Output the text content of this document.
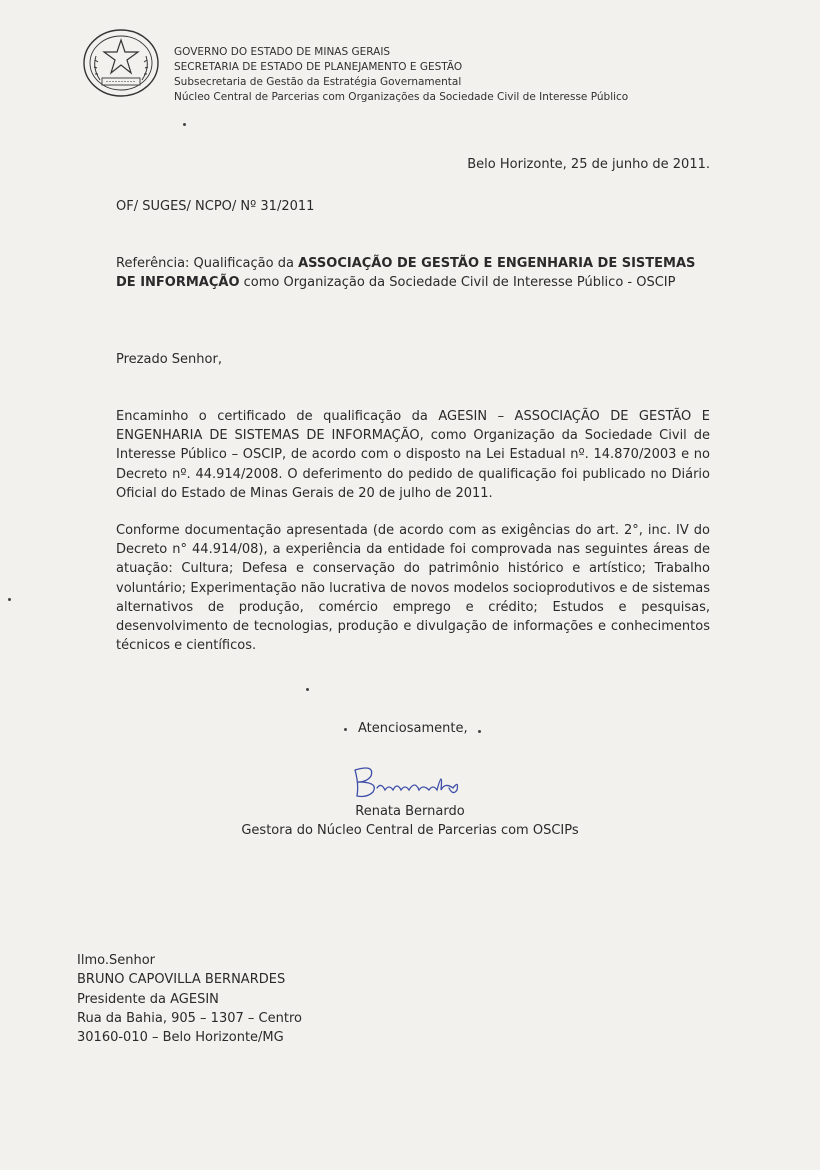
GOVERNO DO ESTADO DE MINAS GERAIS
SECRETARIA DE ESTADO DE PLANEJAMENTO E GESTÃO
Subsecretaria de Gestão da Estratégia Governamental
Núcleo Central de Parcerias com Organizações da Sociedade Civil de Interesse Público
Belo Horizonte, 25 de junho de 2011.
OF/ SUGES/ NCPO/ Nº 31/2011
Referência: Qualificação da ASSOCIAÇÃO DE GESTÃO E ENGENHARIA DE SISTEMAS DE INFORMAÇÃO como Organização da Sociedade Civil de Interesse Público - OSCIP
Prezado Senhor,
Encaminho o certificado de qualificação da AGESIN – ASSOCIAÇÃO DE GESTÃO E ENGENHARIA DE SISTEMAS DE INFORMAÇÃO, como Organização da Sociedade Civil de Interesse Público – OSCIP, de acordo com o disposto na Lei Estadual nº. 14.870/2003 e no Decreto nº. 44.914/2008. O deferimento do pedido de qualificação foi publicado no Diário Oficial do Estado de Minas Gerais de 20 de julho de 2011.
Conforme documentação apresentada (de acordo com as exigências do art. 2°, inc. IV do Decreto n° 44.914/08), a experiência da entidade foi comprovada nas seguintes áreas de atuação: Cultura; Defesa e conservação do patrimônio histórico e artístico; Trabalho voluntário; Experimentação não lucrativa de novos modelos socioprodutivos e de sistemas alternativos de produção, comércio emprego e crédito; Estudos e pesquisas, desenvolvimento de tecnologias, produção e divulgação de informações e conhecimentos técnicos e científicos.
Atenciosamente,
Renata Bernardo
Gestora do Núcleo Central de Parcerias com OSCIPs
Ilmo.Senhor
BRUNO CAPOVILLA BERNARDES
Presidente da AGESIN
Rua da Bahia, 905 – 1307 – Centro
30160-010 – Belo Horizonte/MG
